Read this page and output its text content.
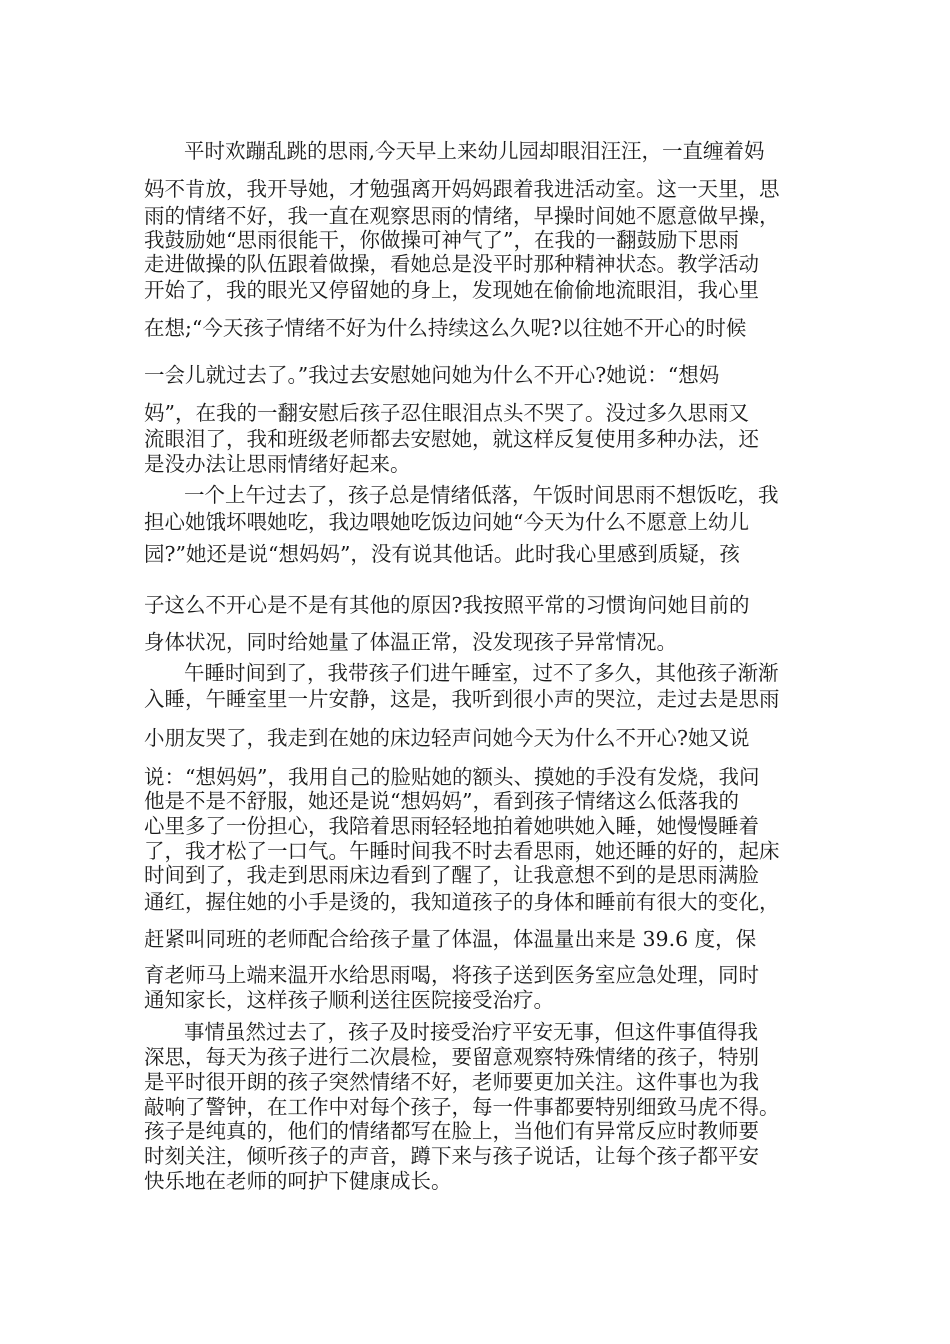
平时欢蹦乱跳的思雨,今天早上来幼儿园却眼泪汪汪，一直缠着妈
妈不肯放，我开导她，才勉强离开妈妈跟着我进活动室。这一天里，思
雨的情绪不好，我一直在观察思雨的情绪，早操时间她不愿意做早操，
我鼓励她“思雨很能干，你做操可神气了”，在我的一翻鼓励下思雨
走进做操的队伍跟着做操，看她总是没平时那种精神状态。教学活动
开始了，我的眼光又停留她的身上，发现她在偷偷地流眼泪，我心里
在想;“今天孩子情绪不好为什么持续这么久呢?以往她不开心的时候
一会儿就过去了。”我过去安慰她问她为什么不开心?她说：“想妈
妈”，在我的一翻安慰后孩子忍住眼泪点头不哭了。没过多久思雨又
流眼泪了，我和班级老师都去安慰她，就这样反复使用多种办法，还
是没办法让思雨情绪好起来。
一个上午过去了，孩子总是情绪低落，午饭时间思雨不想饭吃，我
担心她饿坏喂她吃，我边喂她吃饭边问她“今天为什么不愿意上幼儿
园?”她还是说“想妈妈”，没有说其他话。此时我心里感到质疑，孩
子这么不开心是不是有其他的原因?我按照平常的习惯询问她目前的
身体状况，同时给她量了体温正常，没发现孩子异常情况。
午睡时间到了，我带孩子们进午睡室，过不了多久，其他孩子渐渐
入睡，午睡室里一片安静，这是，我听到很小声的哭泣，走过去是思雨
小朋友哭了，我走到在她的床边轻声问她今天为什么不开心?她又说
说：“想妈妈”，我用自己的脸贴她的额头、摸她的手没有发烧，我问
他是不是不舒服，她还是说“想妈妈”，看到孩子情绪这么低落我的
心里多了一份担心，我陪着思雨轻轻地拍着她哄她入睡，她慢慢睡着
了，我才松了一口气。午睡时间我不时去看思雨，她还睡的好的，起床
时间到了，我走到思雨床边看到了醒了，让我意想不到的是思雨满脸
通红，握住她的小手是烫的，我知道孩子的身体和睡前有很大的变化，
赶紧叫同班的老师配合给孩子量了体温，体温量出来是 39.6 度，保
育老师马上端来温开水给思雨喝，将孩子送到医务室应急处理，同时
通知家长，这样孩子顺利送往医院接受治疗。
事情虽然过去了，孩子及时接受治疗平安无事，但这件事值得我
深思，每天为孩子进行二次晨检，要留意观察特殊情绪的孩子，特别
是平时很开朗的孩子突然情绪不好，老师要更加关注。这件事也为我
敲响了警钟，在工作中对每个孩子，每一件事都要特别细致马虎不得。
孩子是纯真的，他们的情绪都写在脸上，当他们有异常反应时教师要
时刻关注，倾听孩子的声音，蹲下来与孩子说话，让每个孩子都平安
快乐地在老师的呵护下健康成长。
